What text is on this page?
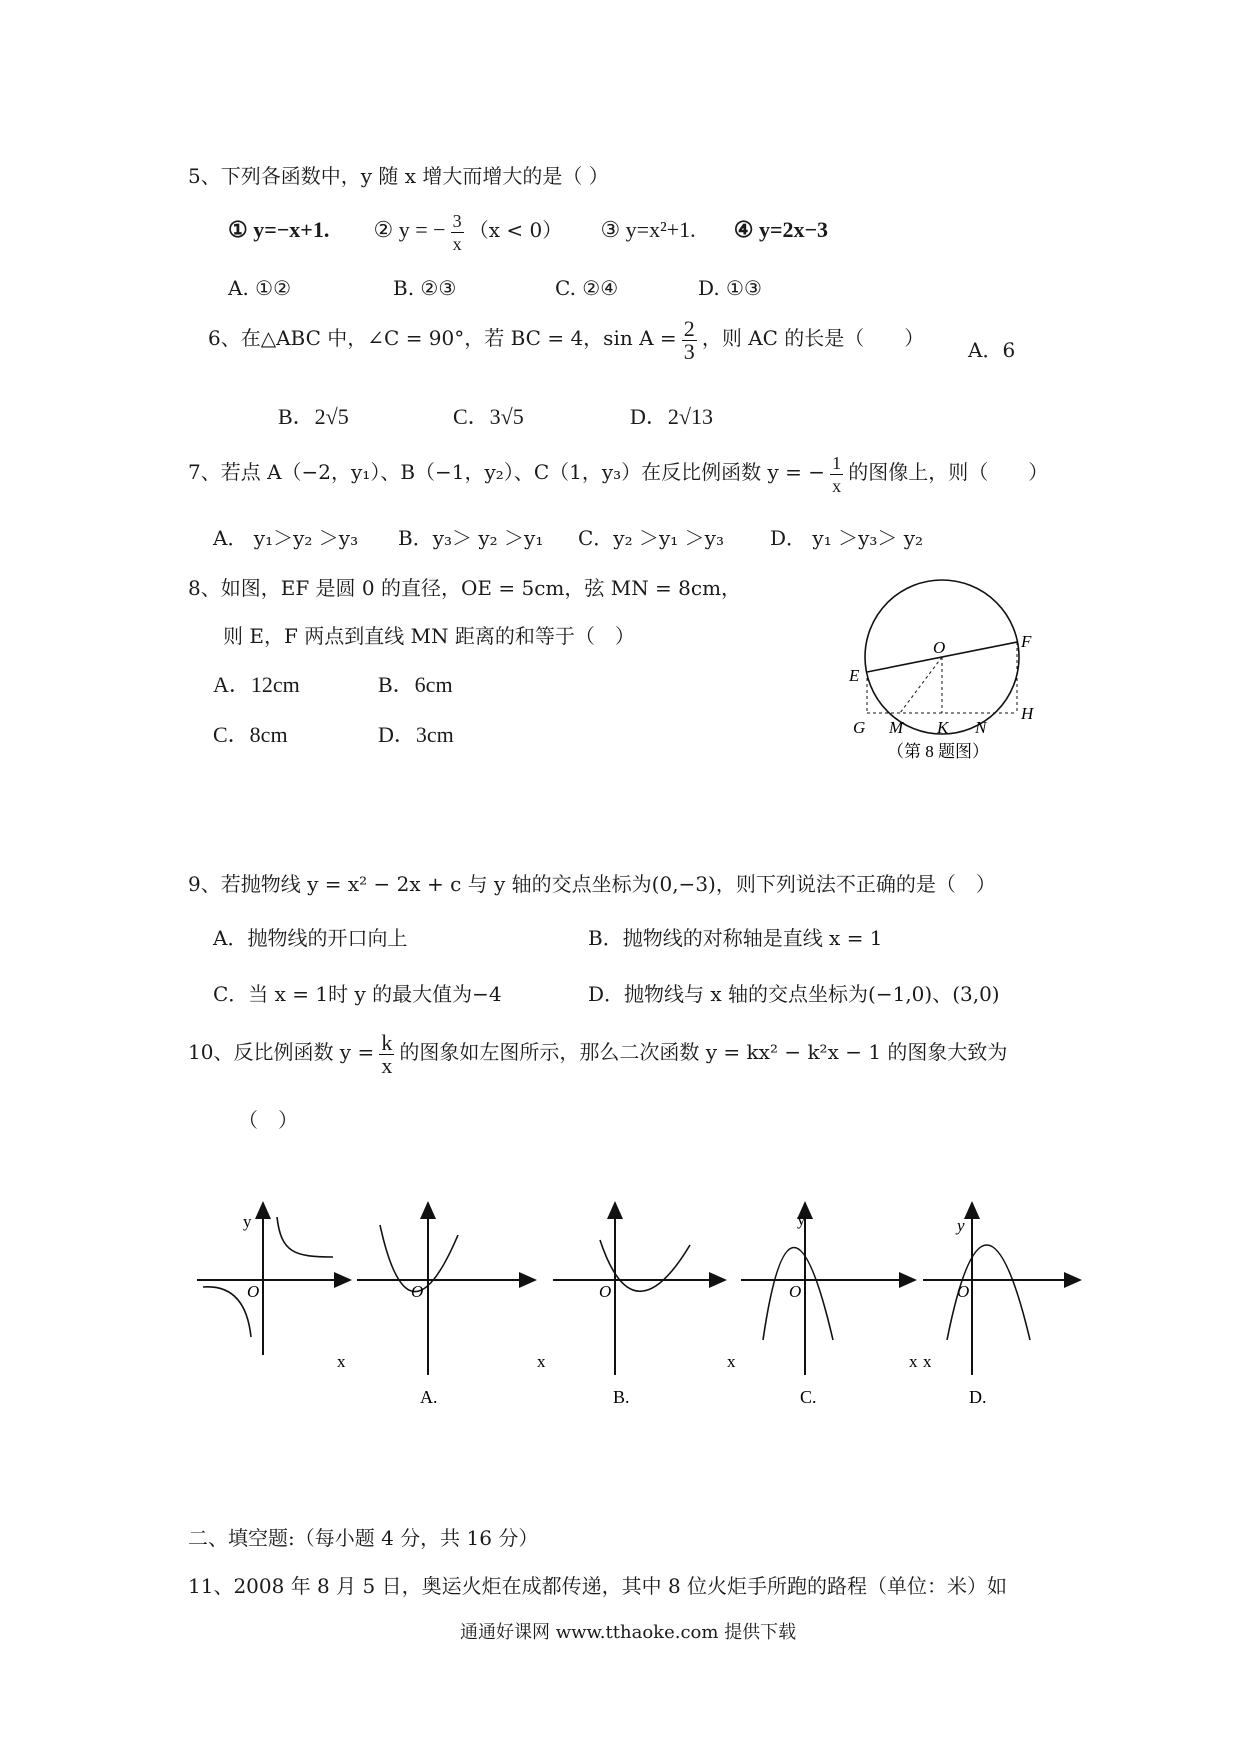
5、下列各函数中，y 随 x 增大而增大的是（ ）
① y=−x+1. ② y = − $\frac{3}{x} (x < 0)$ ③ y=x²+1. ④ y=2x−3
A. ①②	B. ②③	C. ②④	D. ①③
6、在△ABC 中，∠C = 90°，若 BC = 4，$\sin A = \frac{2}{3}$ ，则 AC 的长是（　　） A．6
B．2√5	C．3√5	D．2√13
7、若点 A（−2，y₁）、B（−1，y₂）、C（1，y₃）在反比例函数 y = − $\frac{1}{x}$ 的图像上，则（　　）
A． y₁＞y₂ ＞y₃ B．y₃＞ y₂ ＞y₁ C．y₂ ＞y₁ ＞y₃ D． y₁ ＞y₃＞ y₂
8、如图，EF 是圆 0 的直径，OE = 5cm，弦 MN = 8cm，
则 E，F 两点到直线 MN 距离的和等于（　）
A．12cm	B．6cm
C．8cm	D．3cm
E
O	F
G M K N
H
（第 8 题图）
9、若抛物线 y = x² − 2x + c 与 y 轴的交点坐标为(0,−3)，则下列说法不正确的是（　）
A．抛物线的开口向上	B．抛物线的对称轴是直线 x = 1
C．当 x = 1时 y 的最大值为−4	D．抛物线与 x 轴的交点坐标为(−1,0)、(3,0)
10、反比例函数 $y = \frac{k}{x}$ 的图象如左图所示，那么二次函数 y = kx² − k²x − 1 的图象大致为
（　）
y
O
x
O
x
A.
O
x
B.
y
O
x
C.
y
O
x
D.
二、填空题:（每小题 4 分，共 16 分）
11、2008 年 8 月 5 日，奥运火炬在成都传递，其中 8 位火炬手所跑的路程（单位：米）如
通通好课网 www.tthaoke.com 提供下载
